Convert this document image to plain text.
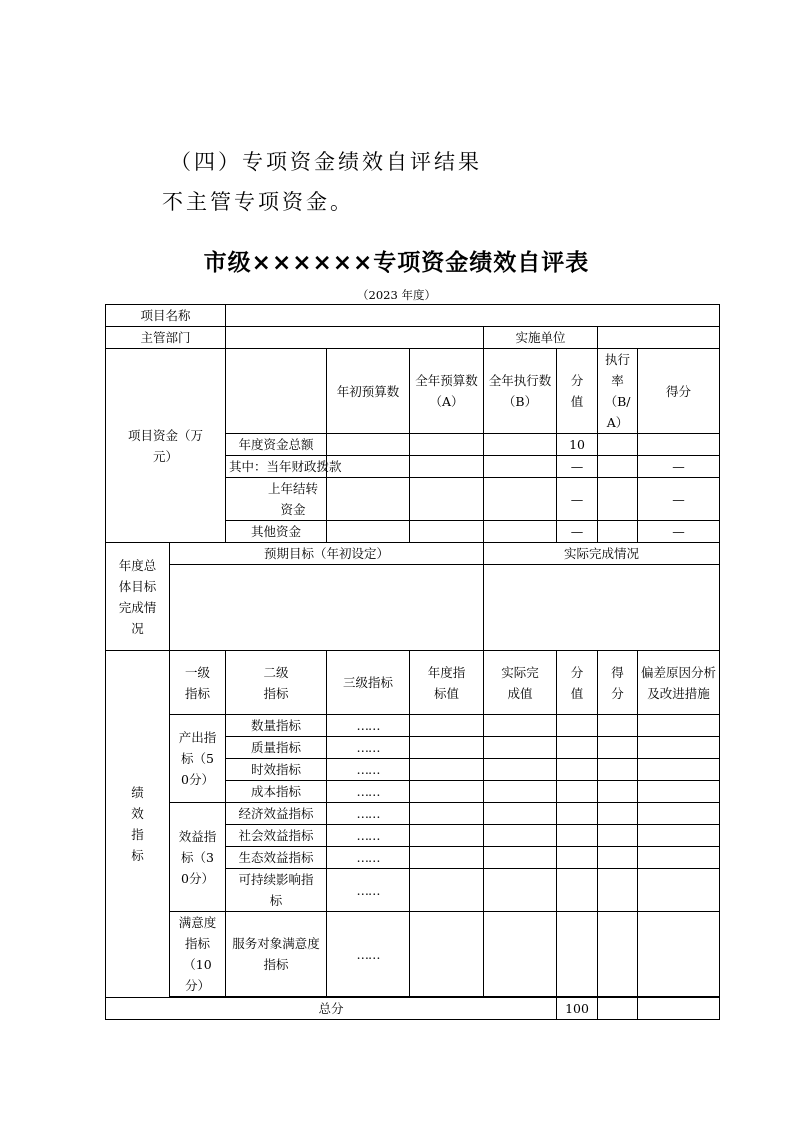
（四）专项资金绩效自评结果
不主管专项资金。
市级××××××专项资金绩效自评表
（2023 年度）
项目名称								
主管部门					实施单位			
项目资金（万元）			年初预算数	全年预算数（A）	全年执行数（B）	分值	执行率（B/A）	得分
		年度资金总额				10		
		其中：当年财政拨款				—		—
		上年结转资金				—		—
		其他资金				—		—
年度总体目标完成情况	预期目标（年初设定）				实际完成情况			

绩效指标	一级指标	二级指标	三级指标	年度指标值	实际完成值	分值	得分	偏差原因分析及改进措施
	产出指标（50分）	数量指标	……					
		质量指标	……					
		时效指标	……					
		成本指标	……					
	效益指标（30分）	经济效益指标	……					
		社会效益指标	……					
		生态效益指标	……					
		可持续影响指标	……					
	满意度指标（10分）	服务对象满意度指标	……					

总分						100		
